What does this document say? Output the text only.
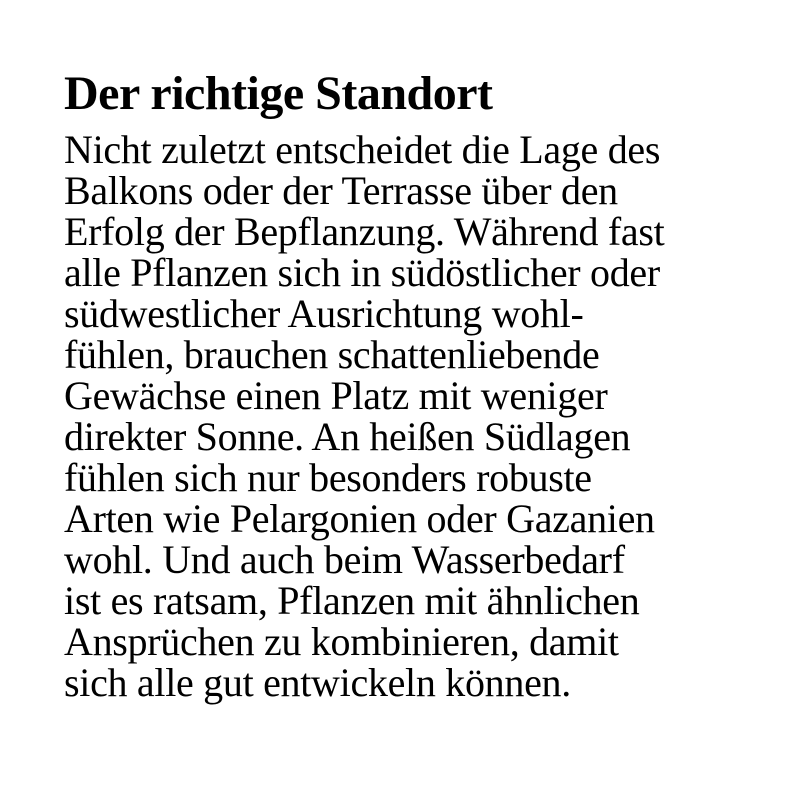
Der richtige Standort
Nicht zuletzt entscheidet die Lage des
Balkons oder der Terrasse über den
Erfolg der Bepflanzung. Während fast
alle Pflanzen sich in südöstlicher oder
südwestlicher Ausrichtung wohl-
fühlen, brauchen schattenliebende
Gewächse einen Platz mit weniger
direkter Sonne. An heißen Südlagen
fühlen sich nur besonders robuste
Arten wie Pelargonien oder Gazanien
wohl. Und auch beim Wasserbedarf
ist es ratsam, Pflanzen mit ähnlichen
Ansprüchen zu kombinieren, damit
sich alle gut entwickeln können.
